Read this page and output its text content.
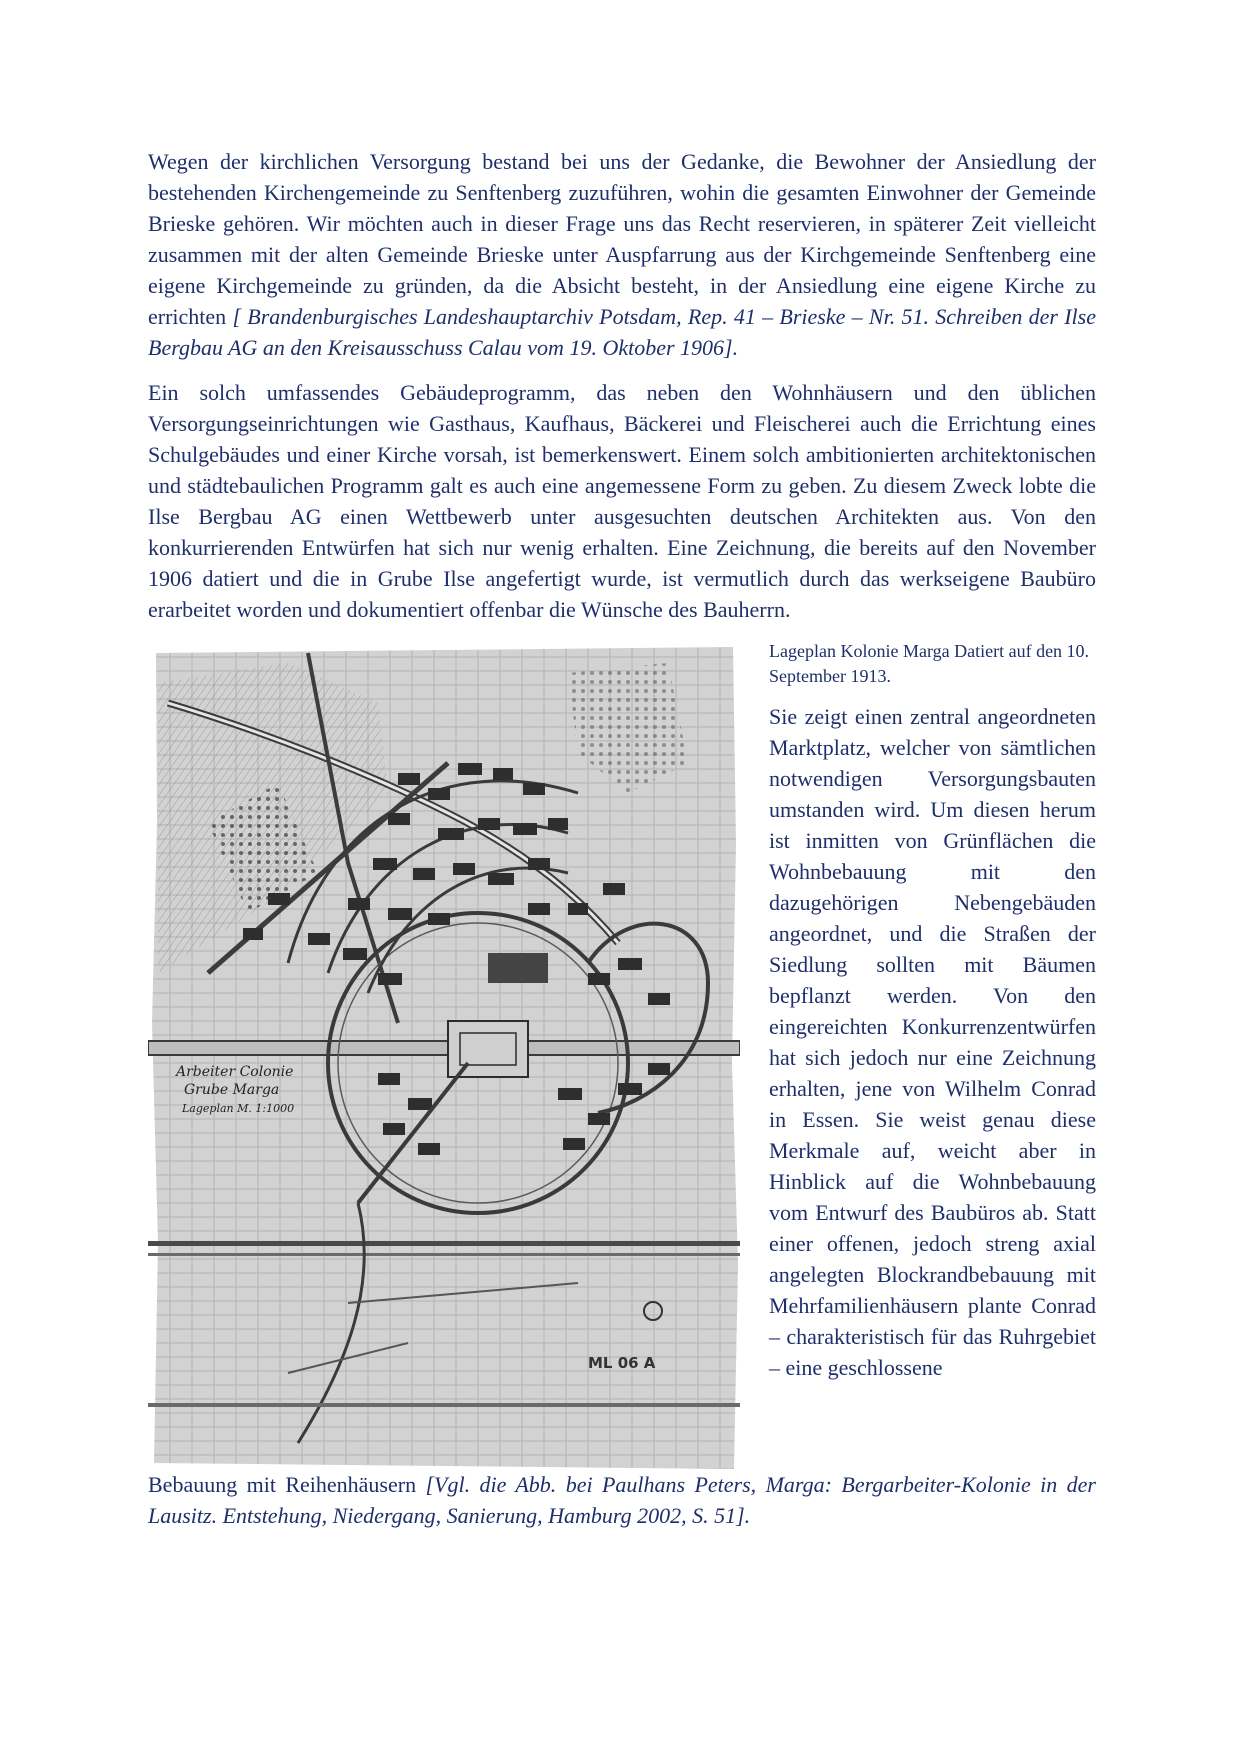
Wegen der kirchlichen Versorgung bestand bei uns der Gedanke, die Bewohner der Ansiedlung der bestehenden Kirchengemeinde zu Senftenberg zuzuführen, wohin die gesamten Einwohner der Gemeinde Brieske gehören. Wir möchten auch in dieser Frage uns das Recht reservieren, in späterer Zeit vielleicht zusammen mit der alten Gemeinde Brieske unter Auspfarrung aus der Kirchgemeinde Senftenberg eine eigene Kirchgemeinde zu gründen, da die Absicht besteht, in der Ansiedlung eine eigene Kirche zu errichten [ Brandenburgisches Landeshauptarchiv Potsdam, Rep. 41 – Brieske – Nr. 51. Schreiben der Ilse Bergbau AG an den Kreisausschuss Calau vom 19. Oktober 1906].

Ein solch umfassendes Gebäudeprogramm, das neben den Wohnhäusern und den üblichen Versorgungseinrichtungen wie Gasthaus, Kaufhaus, Bäckerei und Fleischerei auch die Errichtung eines Schulgebäudes und einer Kirche vorsah, ist bemerkenswert. Einem solch ambitionierten architektonischen und städtebaulichen Programm galt es auch eine angemessene Form zu geben. Zu diesem Zweck lobte die Ilse Bergbau AG einen Wettbewerb unter ausgesuchten deutschen Architekten aus. Von den konkurrierenden Entwürfen hat sich nur wenig erhalten. Eine Zeichnung, die bereits auf den November 1906 datiert und die in Grube Ilse angefertigt wurde, ist vermutlich durch das werkseigene Baubüro erarbeitet worden und dokumentiert offenbar die Wünsche des Bauherrn.

Arbeiter Colonie
Grube Marga
Lageplan M. 1:1000
ML 06 A

Lageplan Kolonie Marga Datiert auf den 10. September 1913.

Sie zeigt einen zentral angeordneten Marktplatz, welcher von sämtlichen notwendigen Versorgungsbauten umstanden wird. Um diesen herum ist inmitten von Grünflächen die Wohnbebauung mit den dazugehörigen Nebengebäuden angeordnet, und die Straßen der Siedlung sollten mit Bäumen bepflanzt werden. Von den eingereichten Konkurrenzentwürfen hat sich jedoch nur eine Zeichnung erhalten, jene von Wilhelm Conrad in Essen. Sie weist genau diese Merkmale auf, weicht aber in Hinblick auf die Wohnbebauung vom Entwurf des Baubüros ab. Statt einer offenen, jedoch streng axial angelegten Blockrandbebauung mit Mehrfamilienhäusern plante Conrad – charakteristisch für das Ruhrgebiet – eine geschlossene

Bebauung mit Reihenhäusern [Vgl. die Abb. bei Paulhans Peters, Marga: Bergarbeiter-Kolonie in der Lausitz. Entstehung, Niedergang, Sanierung, Hamburg 2002, S. 51].
